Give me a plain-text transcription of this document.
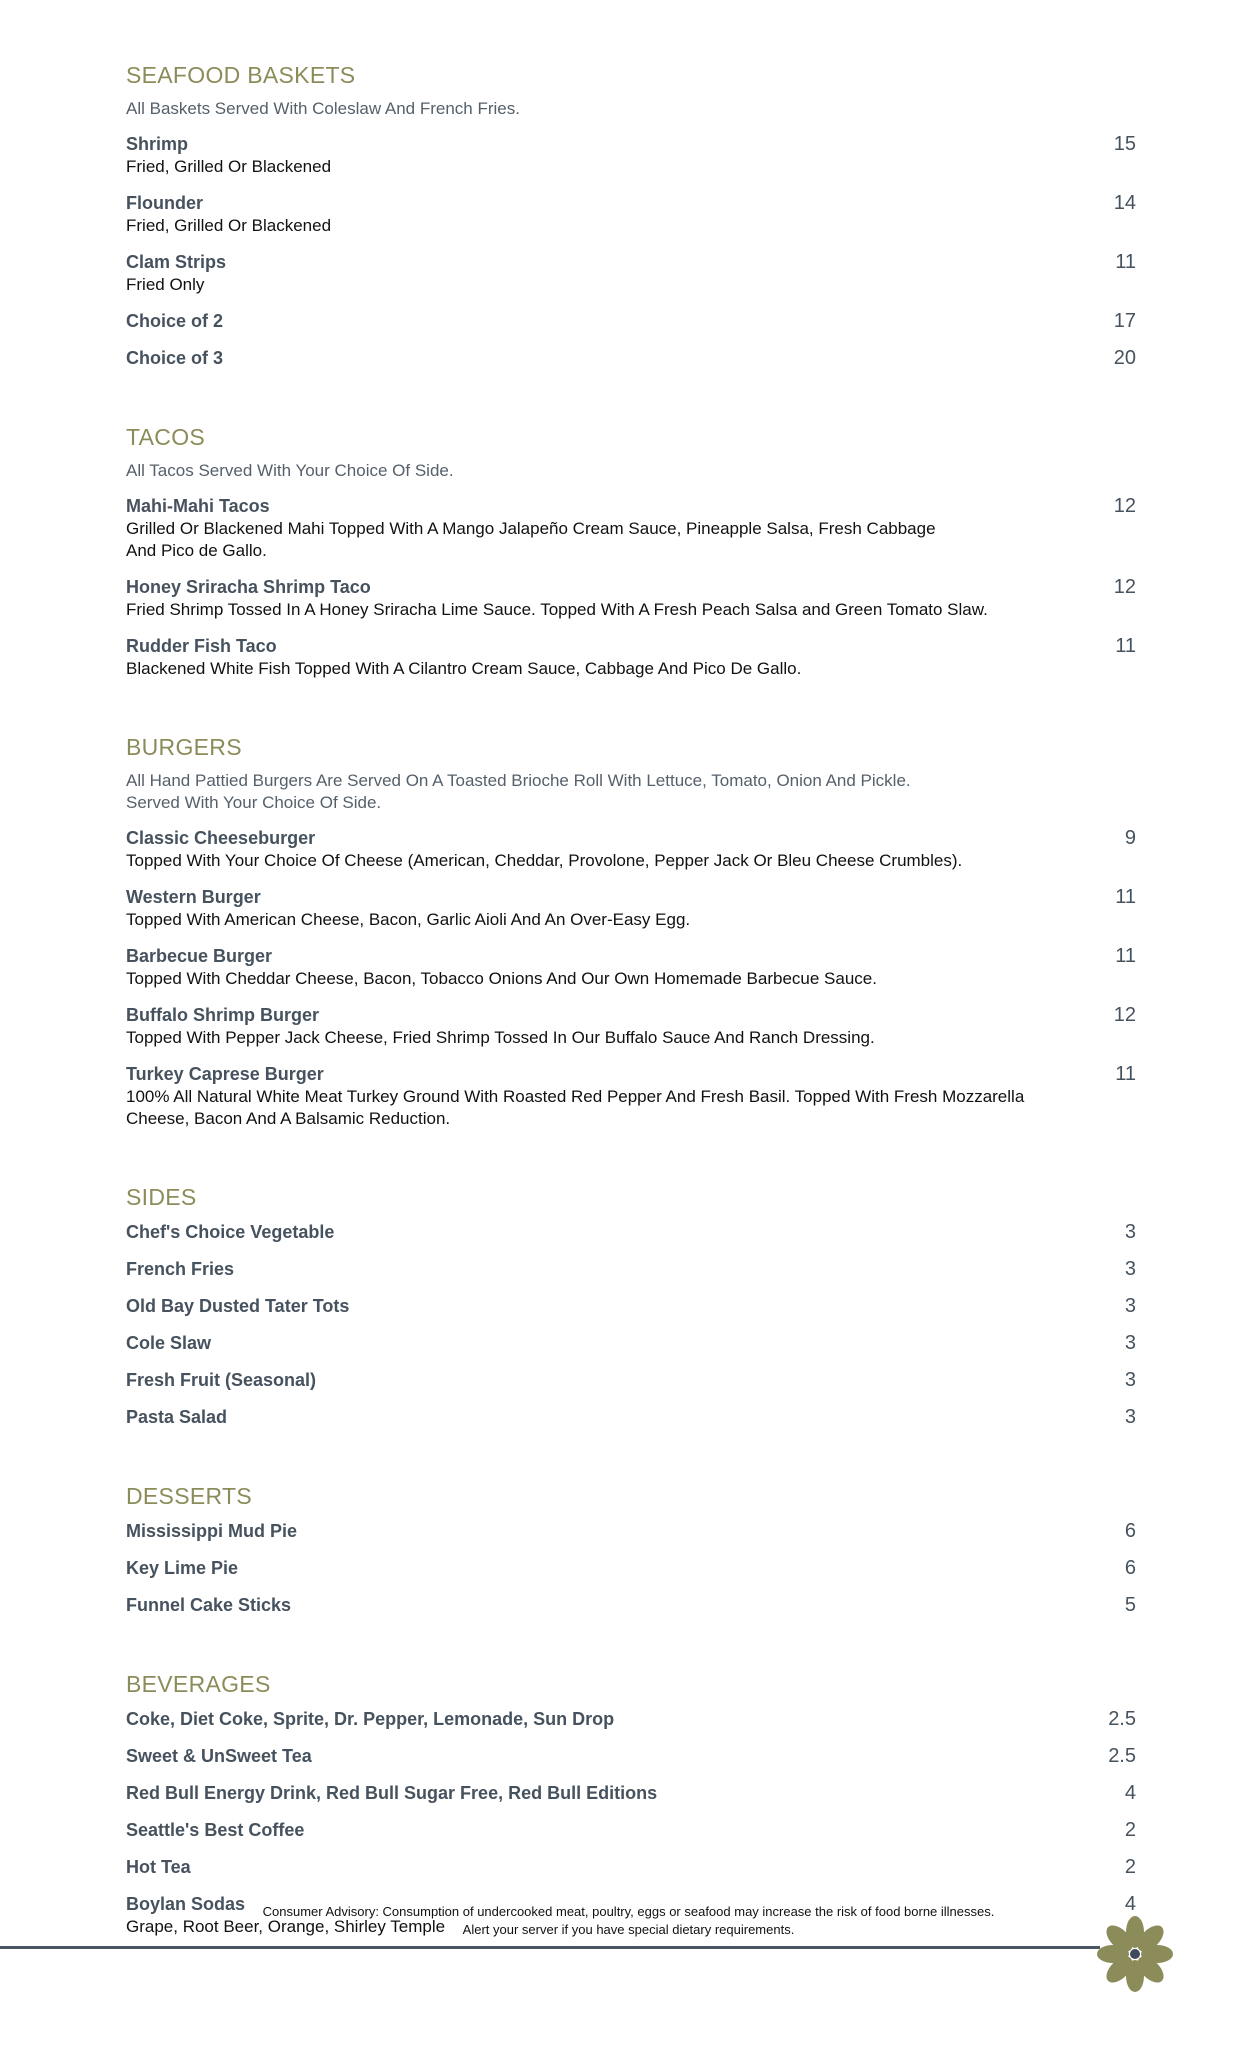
SEAFOOD BASKETS
All Baskets Served With Coleslaw And French Fries.
Shrimp	15
Fried, Grilled Or Blackened
Flounder	14
Fried, Grilled Or Blackened
Clam Strips	11
Fried Only
Choice of 2	17
Choice of 3	20
TACOS
All Tacos Served With Your Choice Of Side.
Mahi-Mahi Tacos	12
Grilled Or Blackened Mahi Topped With A Mango Jalapeño Cream Sauce, Pineapple Salsa, Fresh Cabbage
And Pico de Gallo.
Honey Sriracha Shrimp Taco	12
Fried Shrimp Tossed In A Honey Sriracha Lime Sauce. Topped With A Fresh Peach Salsa and Green Tomato Slaw.
Rudder Fish Taco	11
Blackened White Fish Topped With A Cilantro Cream Sauce, Cabbage And Pico De Gallo.
BURGERS
All Hand Pattied Burgers Are Served On A Toasted Brioche Roll With Lettuce, Tomato, Onion And Pickle.
Served With Your Choice Of Side.
Classic Cheeseburger	9
Topped With Your Choice Of Cheese (American, Cheddar, Provolone, Pepper Jack Or Bleu Cheese Crumbles).
Western Burger	11
Topped With American Cheese, Bacon, Garlic Aioli And An Over-Easy Egg.
Barbecue Burger	11
Topped With Cheddar Cheese, Bacon, Tobacco Onions And Our Own Homemade Barbecue Sauce.
Buffalo Shrimp Burger	12
Topped With Pepper Jack Cheese, Fried Shrimp Tossed In Our Buffalo Sauce And Ranch Dressing.
Turkey Caprese Burger	11
100% All Natural White Meat Turkey Ground With Roasted Red Pepper And Fresh Basil. Topped With Fresh Mozzarella
Cheese, Bacon And A Balsamic Reduction.
SIDES
Chef's Choice Vegetable	3
French Fries	3
Old Bay Dusted Tater Tots	3
Cole Slaw	3
Fresh Fruit (Seasonal)	3
Pasta Salad	3
DESSERTS
Mississippi Mud Pie	6
Key Lime Pie	6
Funnel Cake Sticks	5
BEVERAGES
Coke, Diet Coke, Sprite, Dr. Pepper, Lemonade, Sun Drop	2.5
Sweet & UnSweet Tea	2.5
Red Bull Energy Drink, Red Bull Sugar Free, Red Bull Editions	4
Seattle's Best Coffee	2
Hot Tea	2
Boylan Sodas	4
Grape, Root Beer, Orange, Shirley Temple
Consumer Advisory: Consumption of undercooked meat, poultry, eggs or seafood may increase the risk of food borne illnesses.
Alert your server if you have special dietary requirements.
